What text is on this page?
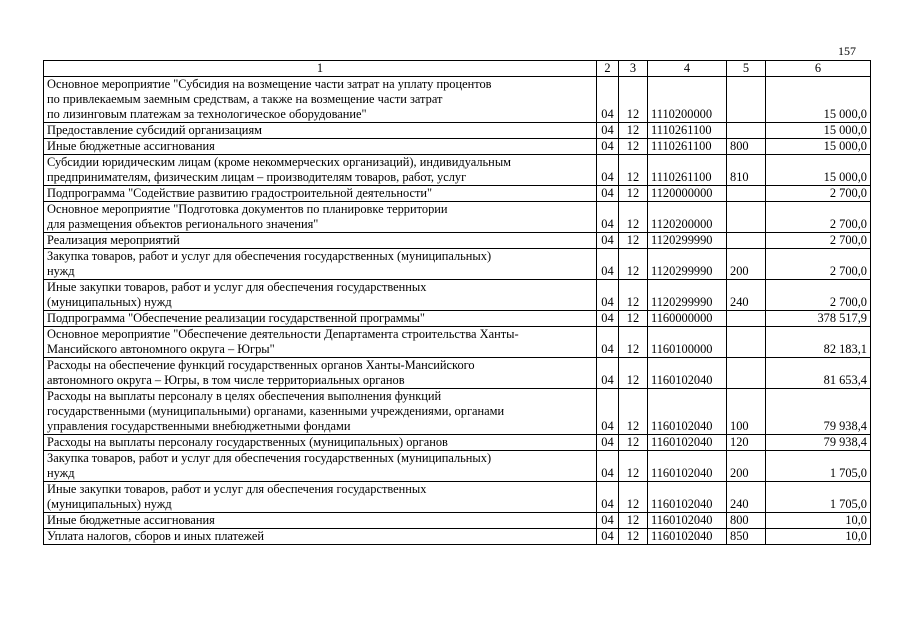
157
1	2	3	4	5	6
Основное мероприятие "Субсидия на возмещение части затрат на уплату процентов
по привлекаемым заемным средствам, а также на возмещение части затрат
по лизинговым платежам за технологическое оборудование"	04	12	1110200000		15 000,0
Предоставление субсидий организациям	04	12	1110261100		15 000,0
Иные бюджетные ассигнования	04	12	1110261100	800	15 000,0
Субсидии юридическим лицам (кроме некоммерческих организаций), индивидуальным
предпринимателям, физическим лицам – производителям товаров, работ, услуг	04	12	1110261100	810	15 000,0
Подпрограмма "Содействие развитию градостроительной деятельности"	04	12	1120000000		2 700,0
Основное мероприятие "Подготовка документов по планировке территории
для размещения объектов регионального значения"	04	12	1120200000		2 700,0
Реализация мероприятий	04	12	1120299990		2 700,0
Закупка товаров, работ и услуг для обеспечения государственных (муниципальных)
нужд	04	12	1120299990	200	2 700,0
Иные закупки товаров, работ и услуг для обеспечения государственных
(муниципальных) нужд	04	12	1120299990	240	2 700,0
Подпрограмма "Обеспечение реализации государственной программы"	04	12	1160000000		378 517,9
Основное мероприятие "Обеспечение деятельности Департамента строительства Ханты-
Мансийского автономного округа – Югры"	04	12	1160100000		82 183,1
Расходы на обеспечение функций государственных органов Ханты-Мансийского
автономного округа – Югры, в том числе территориальных органов	04	12	1160102040		81 653,4
Расходы на выплаты персоналу в целях обеспечения выполнения функций
государственными (муниципальными) органами, казенными учреждениями, органами
управления государственными внебюджетными фондами	04	12	1160102040	100	79 938,4
Расходы на выплаты персоналу государственных (муниципальных) органов	04	12	1160102040	120	79 938,4
Закупка товаров, работ и услуг для обеспечения государственных (муниципальных)
нужд	04	12	1160102040	200	1 705,0
Иные закупки товаров, работ и услуг для обеспечения государственных
(муниципальных) нужд	04	12	1160102040	240	1 705,0
Иные бюджетные ассигнования	04	12	1160102040	800	10,0
Уплата налогов, сборов и иных платежей	04	12	1160102040	850	10,0
